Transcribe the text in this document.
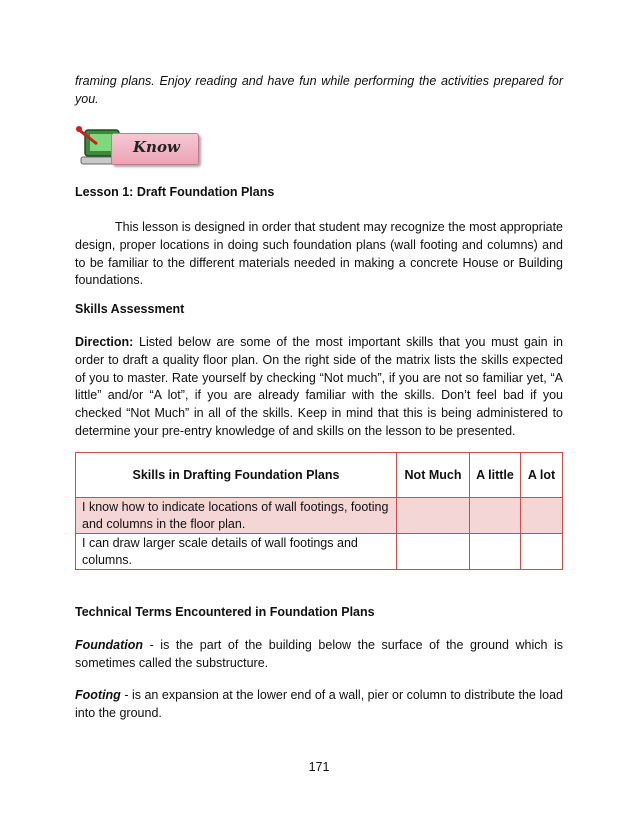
framing plans. Enjoy reading and have fun while performing the activities prepared for you.
Know
Lesson 1: Draft Foundation Plans
This lesson is designed in order that student may recognize the most appropriate design, proper locations in doing such foundation plans (wall footing and columns) and to be familiar to the different materials needed in making a concrete House or Building foundations.
Skills Assessment
Direction: Listed below are some of the most important skills that you must gain in order to draft a quality floor plan. On the right side of the matrix lists the skills expected of you to master. Rate yourself by checking “Not much”, if you are not so familiar yet, “A little” and/or “A lot”, if you are already familiar with the skills. Don’t feel bad if you checked “Not Much” in all of the skills. Keep in mind that this is being administered to determine your pre-entry knowledge of and skills on the lesson to be presented.
Skills in Drafting Foundation Plans	Not Much	A little	A lot
I know how to indicate locations of wall footings, footing and columns in the floor plan.			
I can draw larger scale details of wall footings and columns.			
Technical Terms Encountered in Foundation Plans
Foundation - is the part of the building below the surface of the ground which is sometimes called the substructure.
Footing - is an expansion at the lower end of a wall, pier or column to distribute the load into the ground.
171
